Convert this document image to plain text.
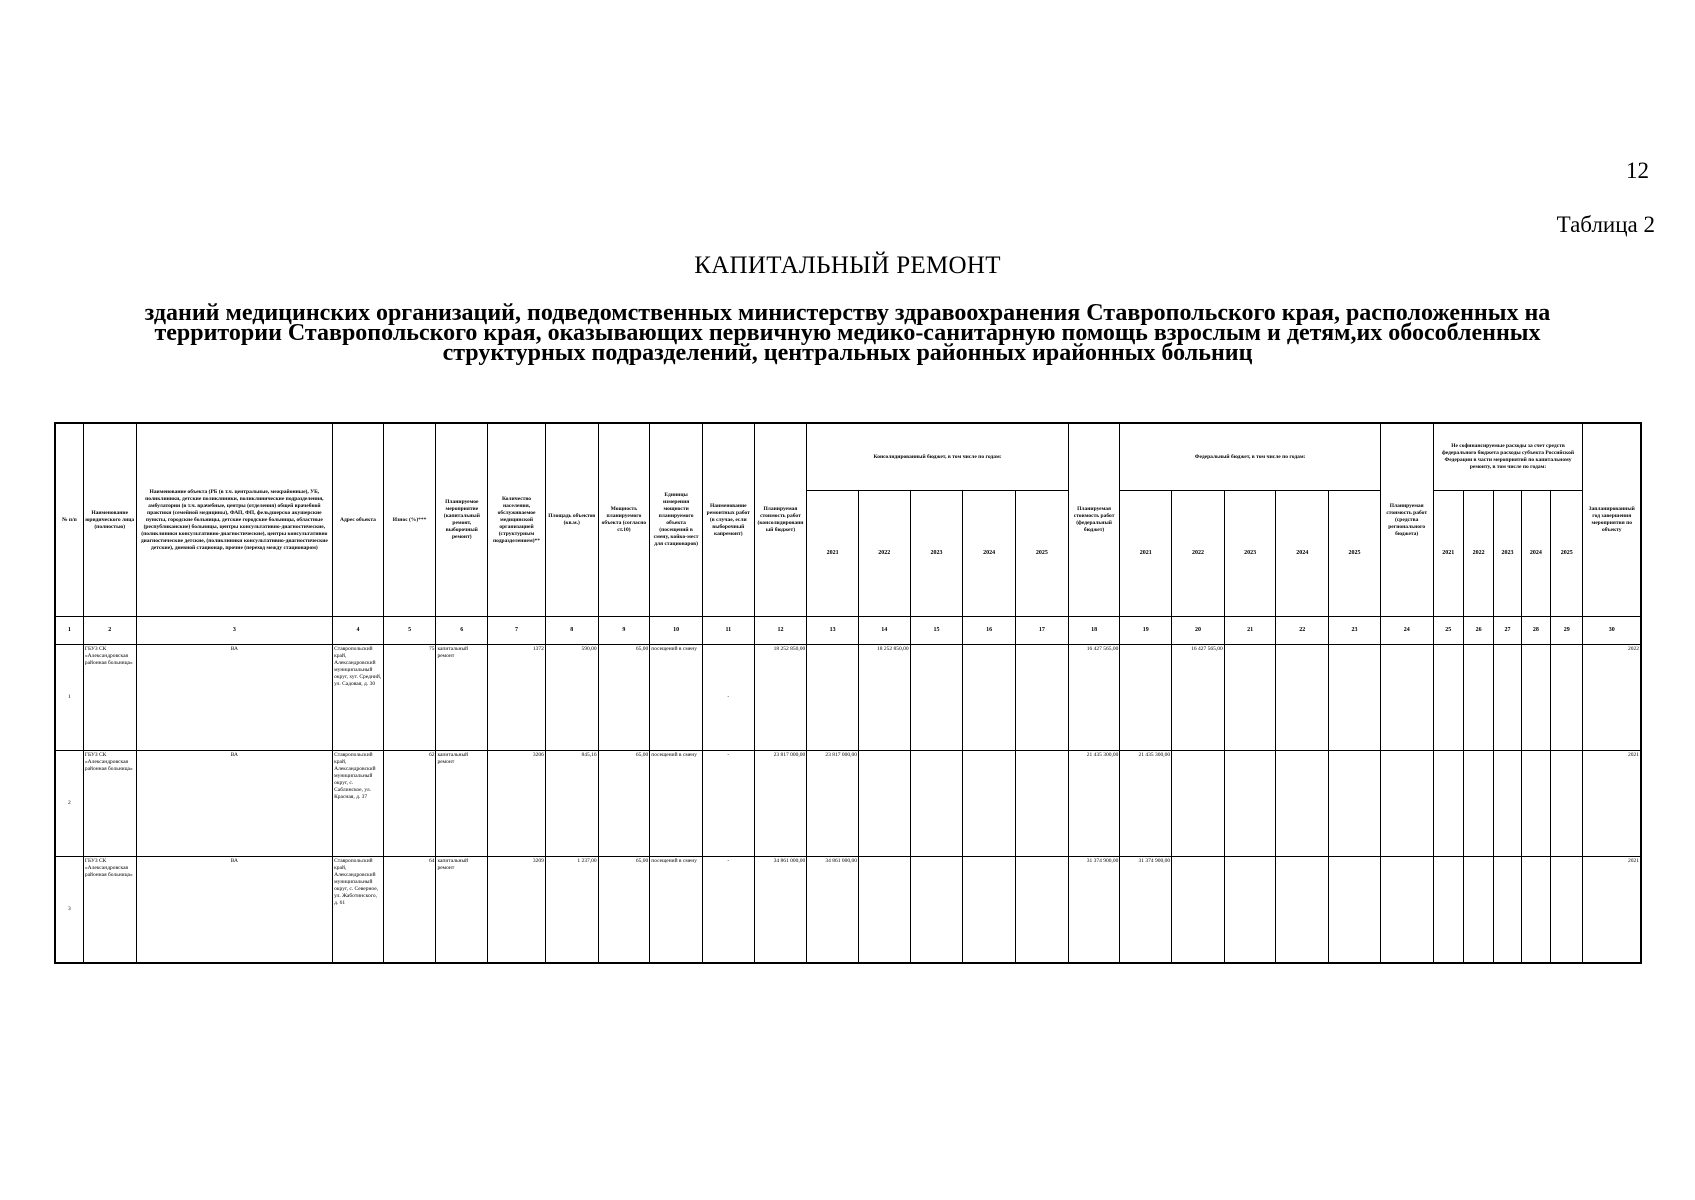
12
Таблица 2
КАПИТАЛЬНЫЙ РЕМОНТ
зданий медицинских организаций, подведомственных министерству здравоохранения Ставропольского края, расположенных на
территории Ставропольского края, оказывающих первичную медико-санитарную помощь взрослым и детям,их обособленных
структурных подразделений, центральных районных ирайонных больниц
№ п/п	Наименование юридического лица (полностью)	Наименование объекта (РБ (в т.ч. центральные, межрайонные), УБ, поликлиники, детские поликлиники, поликлинические подразделения, амбулатории (в т.ч. врачебные, центры (отделения) общей врачебной практики (семейной медицины), ФАП, ФП, фельдшерско акушерские пункты, городские больницы, детские городские больницы, областные (республиканские) больницы, центры консультативно-диагностические, (поликлиники консультативно-диагностические), центры консультативно диагностические детские, (поликлиники консультативно-диагностические детские), дневной стационар, прочие (переход между стационаром)	Адрес объекта	Износ (%)***	Планируемое мероприятие (капитальный ремонт, выборочный ремонт)	Количество населения, обслуживаемое медицинской организацией (структурным подразделением)**	Площадь объектов (кв.м.)	Мощность планируемого объекта (согласно ст.10)	Единицы измерения мощности планируемого объекта (посещений в смену, койко-мест для стационаров)	Наименование ремонтных работ (в случае, если выборочный капремонт)	Планируемая стоимость работ (консолидированный бюджет)	Консолидированный бюджет, в том числе по годам:					Планируемая стоимость работ (федеральный бюджет)	Федеральный бюджет, в том числе по годам:					Планируемая стоимость работ (средства регионального бюджета)	Не софинансируемые расходы за счет средств федерального бюджета расходы субъекта Российской Федерации в части мероприятий по капитальному ремонту, в том числе по годам:					Запланированный год завершения мероприятия по объекту
												2021	2022	2023	2024	2025		2021	2022	2023	2024	2025		2021	2022	2023	2024	2025	
1	2	3	4	5	6	7	8	9	10	11	12	13	14	15	16	17	18	19	20	21	22	23	24	25	26	27	28	29	30
1	ГБУЗ СК «Александровская районная больница»	ВА	Ставропольский край, Александровский муниципальный округ, хут. Средний, ул. Садовая, д. 30	75	капитальный ремонт	1372	590,00	65,00	посещений в смену	-	18 252 850,00		18 252 850,00				16 427 565,00		16 427 565,00										2022
2	ГБУЗ СК «Александровская районная больница»	ВА	Ставропольский край, Александровский муниципальный округ, с. Саблинское, ул. Красная, д. 37	62	капитальный ремонт	3206	845,16	65,00	посещений в смену	-	23 817 000,00	23 817 000,00					21 435 300,00	21 435 300,00											2021
3	ГБУЗ СК «Александровская районная больница»	ВА	Ставропольский край, Александровский муниципальный округ, с. Северное, ул. Жаботинского, д. 61	64	капитальный ремонт	3209	1 237,00	65,00	посещений в смену	-	34 861 000,00	34 861 000,00					31 374 900,00	31 374 900,00											2021
